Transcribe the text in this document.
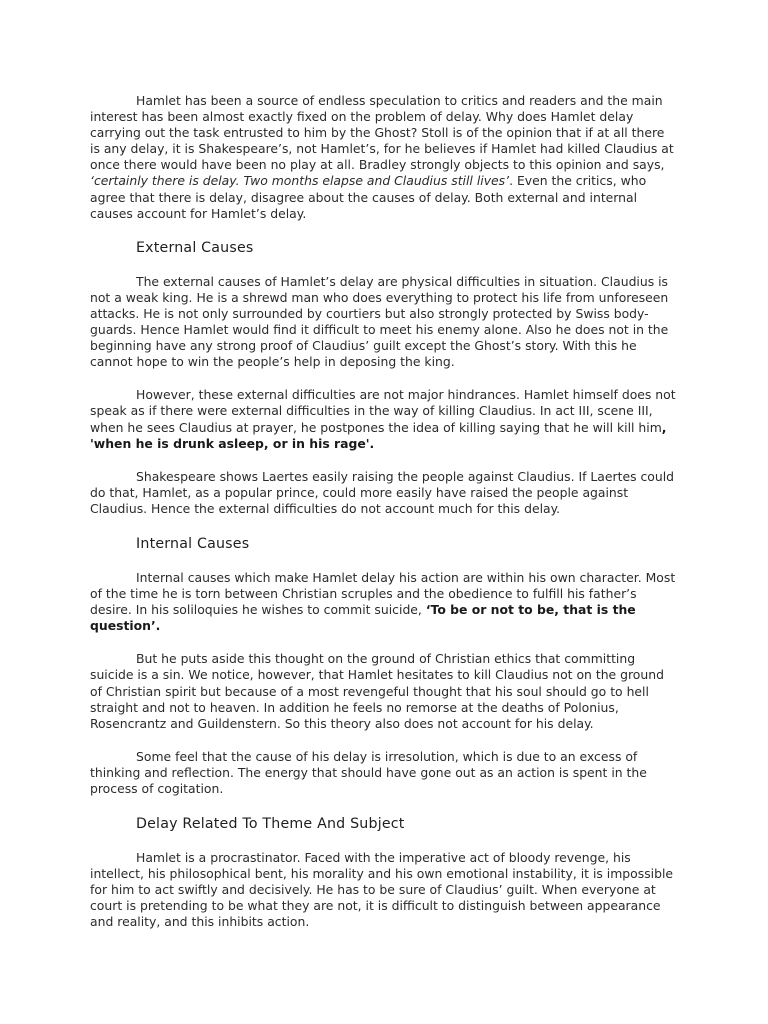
Hamlet has been a source of endless speculation to critics and readers and the main interest has been almost exactly fixed on the problem of delay. Why does Hamlet delay carrying out the task entrusted to him by the Ghost? Stoll is of the opinion that if at all there is any delay, it is Shakespeare’s, not Hamlet’s, for he believes if Hamlet had killed Claudius at once there would have been no play at all. Bradley strongly objects to this opinion and says, ‘certainly there is delay. Two months elapse and Claudius still lives’. Even the critics, who agree that there is delay, disagree about the causes of delay. Both external and internal causes account for Hamlet’s delay.

External Causes

The external causes of Hamlet’s delay are physical difficulties in situation. Claudius is not a weak king. He is a shrewd man who does everything to protect his life from unforeseen attacks. He is not only surrounded by courtiers but also strongly protected by Swiss body-guards. Hence Hamlet would find it difficult to meet his enemy alone. Also he does not in the beginning have any strong proof of Claudius’ guilt except the Ghost’s story. With this he cannot hope to win the people’s help in deposing the king.

However, these external difficulties are not major hindrances. Hamlet himself does not speak as if there were external difficulties in the way of killing Claudius. In act III, scene III, when he sees Claudius at prayer, he postpones the idea of killing saying that he will kill him, 'when he is drunk asleep, or in his rage'.

Shakespeare shows Laertes easily raising the people against Claudius. If Laertes could do that, Hamlet, as a popular prince, could more easily have raised the people against Claudius. Hence the external difficulties do not account much for this delay.

Internal Causes

Internal causes which make Hamlet delay his action are within his own character. Most of the time he is torn between Christian scruples and the obedience to fulfill his father’s desire. In his soliloquies he wishes to commit suicide, ‘To be or not to be, that is the question’.

But he puts aside this thought on the ground of Christian ethics that committing suicide is a sin. We notice, however, that Hamlet hesitates to kill Claudius not on the ground of Christian spirit but because of a most revengeful thought that his soul should go to hell straight and not to heaven. In addition he feels no remorse at the deaths of Polonius, Rosencrantz and Guildenstern. So this theory also does not account for his delay.

Some feel that the cause of his delay is irresolution, which is due to an excess of thinking and reflection. The energy that should have gone out as an action is spent in the process of cogitation.

Delay Related To Theme And Subject

Hamlet is a procrastinator. Faced with the imperative act of bloody revenge, his intellect, his philosophical bent, his morality and his own emotional instability, it is impossible for him to act swiftly and decisively. He has to be sure of Claudius’ guilt. When everyone at court is pretending to be what they are not, it is difficult to distinguish between appearance and reality, and this inhibits action.
